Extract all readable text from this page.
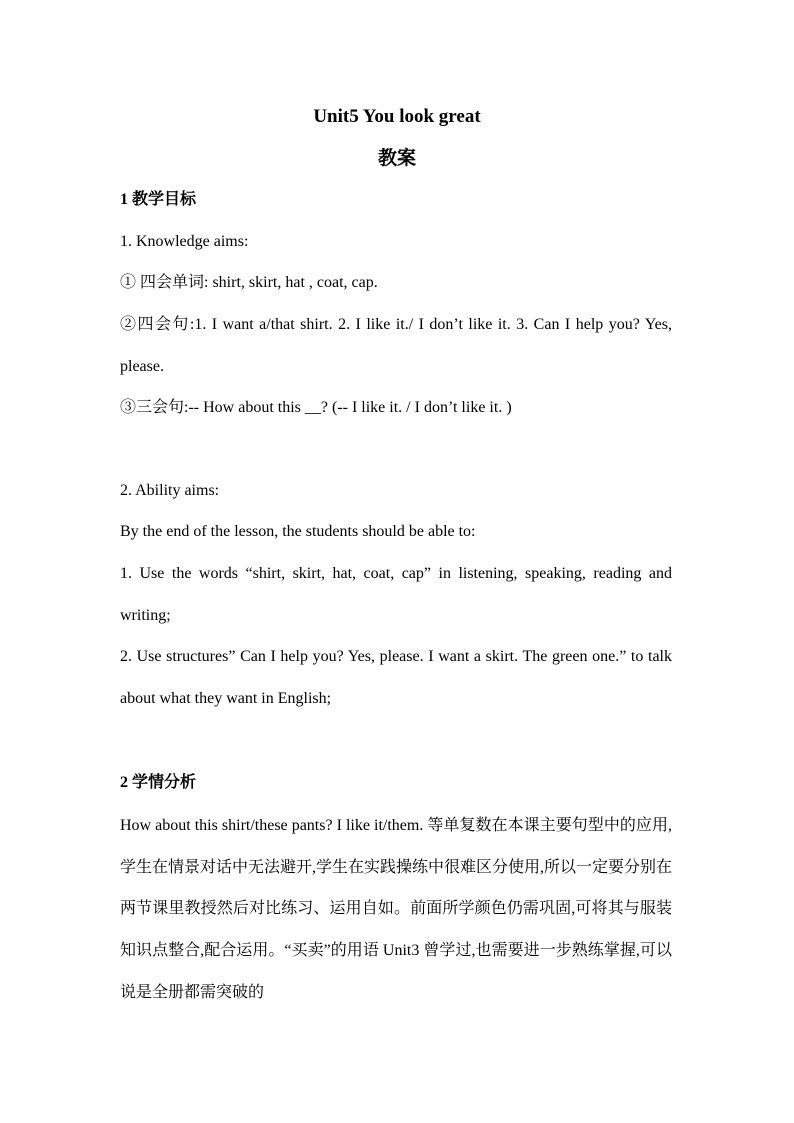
Unit5 You look great
教案
1 教学目标

1. Knowledge aims:

① 四会单词: shirt, skirt, hat , coat, cap.

②四会句:1. I want a/that shirt. 2. I like it./ I don’t like it. 3. Can I help you? Yes, please.

③三会句:-- How about this __? (-- I like it. / I don’t like it. )

2. Ability aims:

By the end of the lesson, the students should be able to:

1. Use the words “shirt, skirt, hat, coat, cap” in listening, speaking, reading and writing;

2. Use structures” Can I help you? Yes, please. I want a skirt. The green one.” to talk about what they want in English;

2 学情分析

How about this shirt/these pants? I like it/them. 等单复数在本课主要句型中的应用,学生在情景对话中无法避开,学生在实践操练中很难区分使用,所以一定要分别在两节课里教授然后对比练习、运用自如。前面所学颜色仍需巩固,可将其与服装知识点整合,配合运用。“买卖”的用语 Unit3 曾学过,也需要进一步熟练掌握,可以说是全册都需突破的
